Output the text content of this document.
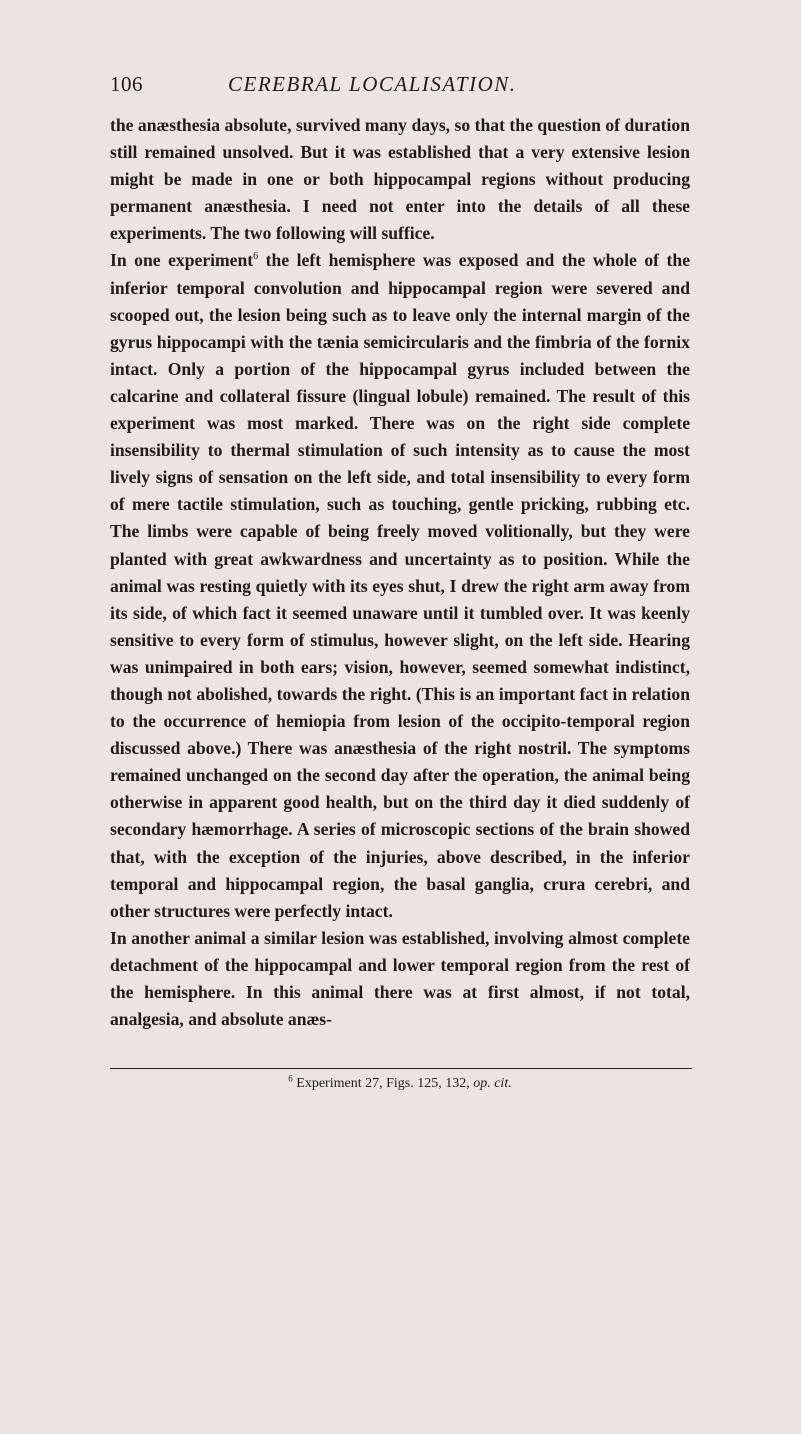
106	CEREBRAL LOCALISATION.

the anæsthesia absolute, survived many days, so that the question of duration still remained unsolved. But it was established that a very extensive lesion might be made in one or both hippocampal regions without producing permanent anæsthesia. I need not enter into the details of all these experiments. The two following will suffice.

In one experiment$^6$ the left hemisphere was exposed and the whole of the inferior temporal convolution and hippocampal region were severed and scooped out, the lesion being such as to leave only the internal margin of the gyrus hippocampi with the tænia semicircularis and the fimbria of the fornix intact. Only a portion of the hippocampal gyrus included between the calcarine and collateral fissure (lingual lobule) remained. The result of this experiment was most marked. There was on the right side complete insensibility to thermal stimulation of such intensity as to cause the most lively signs of sensation on the left side, and total insensibility to every form of mere tactile stimulation, such as touching, gentle pricking, rubbing etc. The limbs were capable of being freely moved volitionally, but they were planted with great awkwardness and uncertainty as to position. While the animal was resting quietly with its eyes shut, I drew the right arm away from its side, of which fact it seemed unaware until it tumbled over. It was keenly sensitive to every form of stimulus, however slight, on the left side. Hearing was unimpaired in both ears; vision, however, seemed somewhat indistinct, though not abolished, towards the right. (This is an important fact in relation to the occurrence of hemiopia from lesion of the occipito-temporal region discussed above.) There was anæsthesia of the right nostril. The symptoms remained unchanged on the second day after the operation, the animal being otherwise in apparent good health, but on the third day it died suddenly of secondary hæmorrhage. A series of microscopic sections of the brain showed that, with the exception of the injuries, above described, in the inferior temporal and hippocampal region, the basal ganglia, crura cerebri, and other structures were perfectly intact.

In another animal a similar lesion was established, involving almost complete detachment of the hippocampal and lower temporal region from the rest of the hemisphere. In this animal there was at first almost, if not total, analgesia, and absolute anæs-

$^6$ Experiment 27, Figs. 125, 132, op. cit.
